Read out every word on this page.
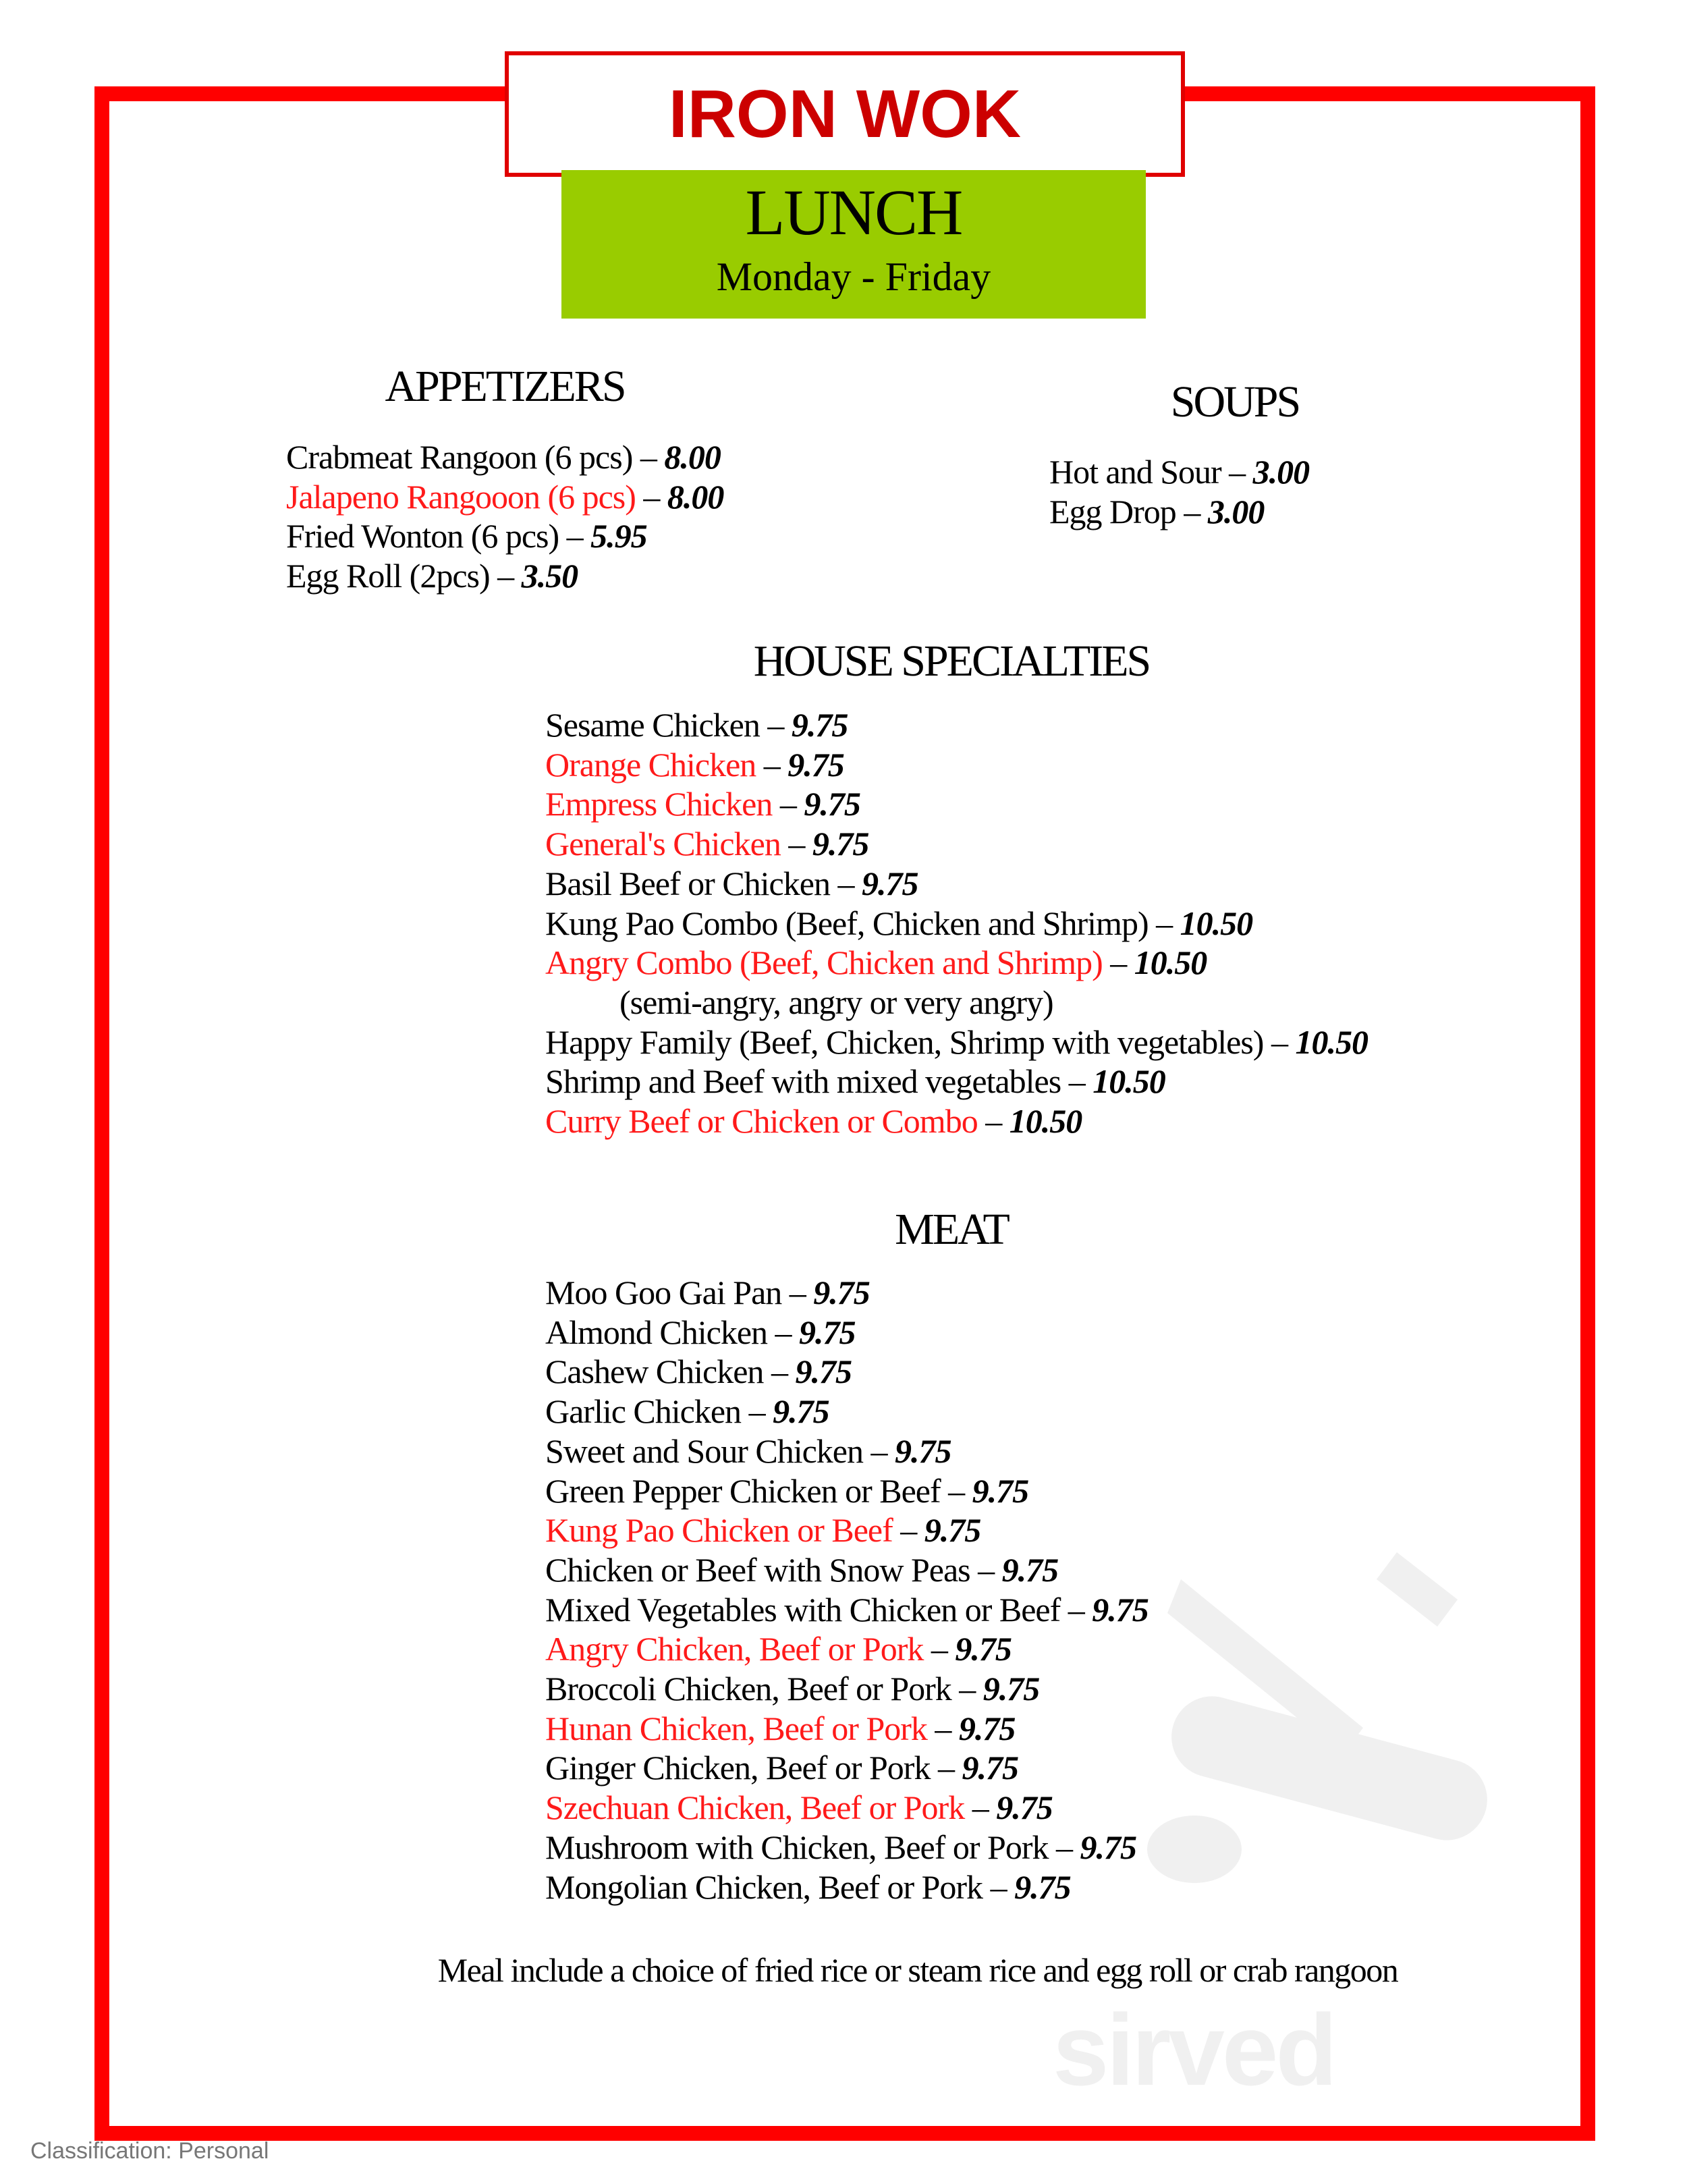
sirved
IRON WOK
LUNCH
Monday - Friday
APPETIZERS
Crabmeat Rangoon (6 pcs) – 8.00
Jalapeno Rangooon (6 pcs) – 8.00
Fried Wonton (6 pcs) – 5.95
Egg Roll (2pcs) – 3.50
SOUPS
Hot and Sour – 3.00
Egg Drop – 3.00
HOUSE SPECIALTIES
Sesame Chicken – 9.75
Orange Chicken – 9.75
Empress Chicken – 9.75
General's Chicken – 9.75
Basil Beef or Chicken – 9.75
Kung Pao Combo (Beef, Chicken and Shrimp) – 10.50
Angry Combo (Beef, Chicken and Shrimp) – 10.50
(semi-angry, angry or very angry)
Happy Family (Beef, Chicken, Shrimp with vegetables) – 10.50
Shrimp and Beef with mixed vegetables – 10.50
Curry Beef or Chicken or Combo – 10.50
MEAT
Moo Goo Gai Pan – 9.75
Almond Chicken – 9.75
Cashew Chicken – 9.75
Garlic Chicken – 9.75
Sweet and Sour Chicken – 9.75
Green Pepper Chicken or Beef – 9.75
Kung Pao Chicken or Beef – 9.75
Chicken or Beef with Snow Peas – 9.75
Mixed Vegetables with Chicken or Beef – 9.75
Angry Chicken, Beef or Pork – 9.75
Broccoli Chicken, Beef or Pork – 9.75
Hunan Chicken, Beef or Pork – 9.75
Ginger Chicken, Beef or Pork – 9.75
Szechuan Chicken, Beef or Pork – 9.75
Mushroom with Chicken, Beef or Pork – 9.75
Mongolian Chicken, Beef or Pork – 9.75
Meal include a choice of fried rice or steam rice and egg roll or crab rangoon
Classification: Personal
